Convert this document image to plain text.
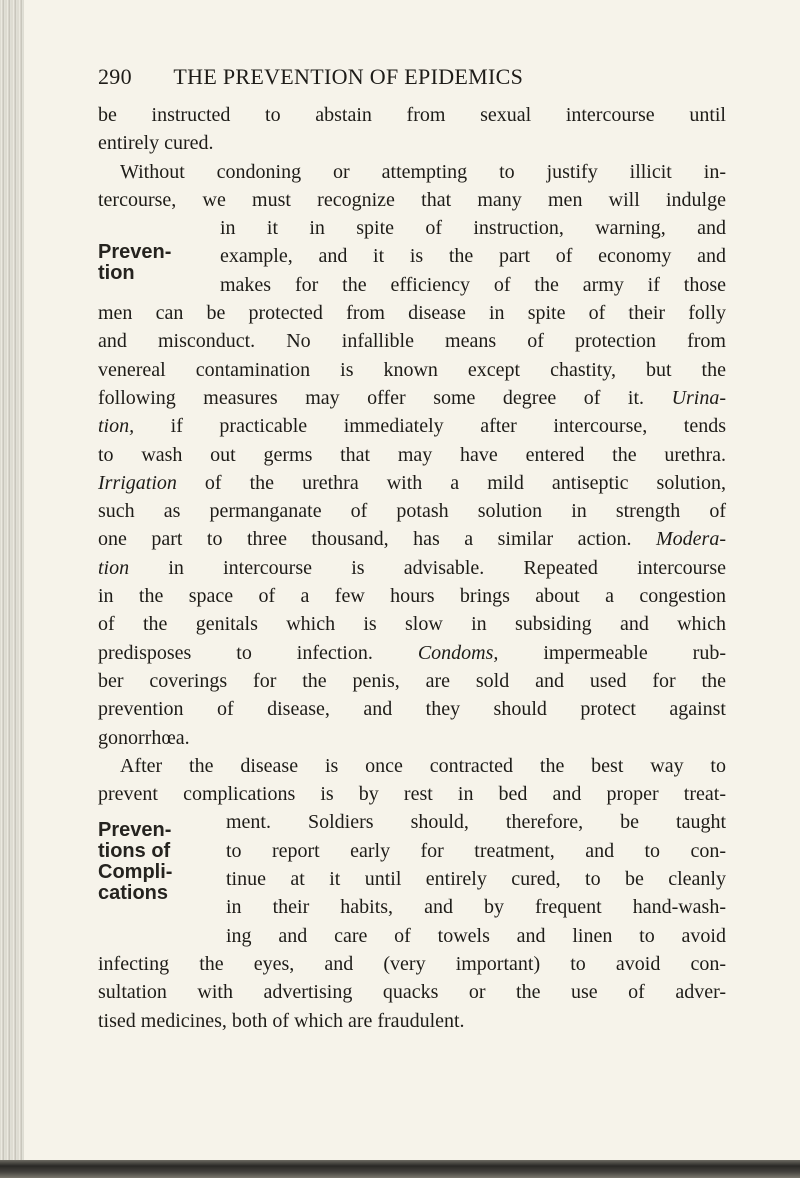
290 THE PREVENTION OF EPIDEMICS
be instructed to abstain from sexual intercourse until
entirely cured.
Without condoning or attempting to justify illicit in-
tercourse, we must recognize that many men will indulge
in it in spite of instruction, warning, and
example, and it is the part of economy and
makes for the efficiency of the army if those
men can be protected from disease in spite of their folly
and misconduct. No infallible means of protection from
venereal contamination is known except chastity, but the
following measures may offer some degree of it. Urina-
tion, if practicable immediately after intercourse, tends
to wash out germs that may have entered the urethra.
Irrigation of the urethra with a mild antiseptic solution,
such as permanganate of potash solution in strength of
one part to three thousand, has a similar action. Modera-
tion in intercourse is advisable. Repeated intercourse
in the space of a few hours brings about a congestion
of the genitals which is slow in subsiding and which
predisposes to infection. Condoms, impermeable rub-
ber coverings for the penis, are sold and used for the
prevention of disease, and they should protect against
gonorrhœa.
After the disease is once contracted the best way to
prevent complications is by rest in bed and proper treat-
ment. Soldiers should, therefore, be taught
to report early for treatment, and to con-
tinue at it until entirely cured, to be cleanly
in their habits, and by frequent hand-wash-
ing and care of towels and linen to avoid
infecting the eyes, and (very important) to avoid con-
sultation with advertising quacks or the use of adver-
tised medicines, both of which are fraudulent.
Preven-
tion
Preven-
tions of
Compli-
cations
